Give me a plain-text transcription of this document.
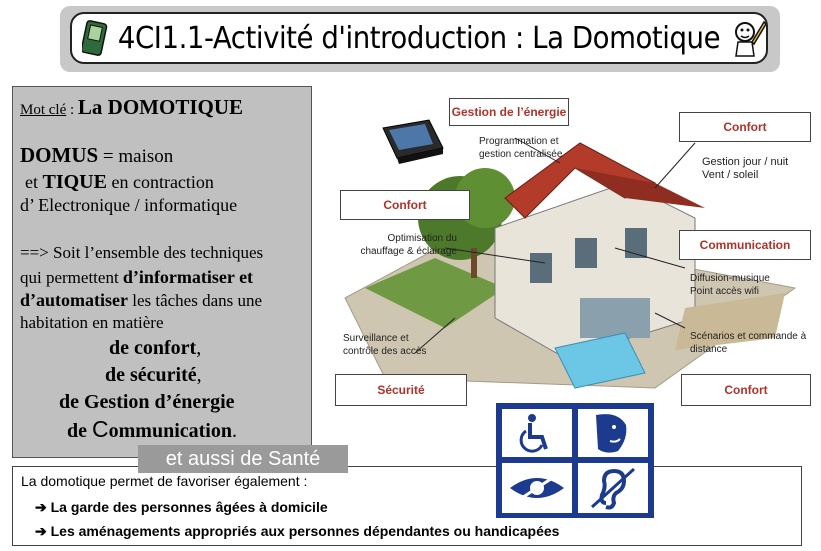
4CI1.1-Activité d'introduction : La Domotique
Mot clé : La DOMOTIQUE
DOMUS = maison
et TIQUE en contraction
d’ Electronique / informatique
==> Soit l’ensemble des techniques
qui permettent d’informatiser et
d’automatiser les tâches dans une
habitation en matière
de confort,
de sécurité,
de Gestion d’énergie
de Communication.
Gestion de l’énergie
Programmation et
gestion centralisée
Confort
Gestion jour / nuit
Vent / soleil
Confort
Optimisation du
chauffage & éclairage	Communication
Diffusion-musique
Point accès wifi
Scénarios et commande à
distance
Surveillance et
contrôle des accès
Sécurité	Confort
La domotique permet de favoriser également :
➔ La garde des personnes âgées à domicile
➔ Les aménagements appropriés aux personnes dépendantes ou handicapées
et aussi de Santé
